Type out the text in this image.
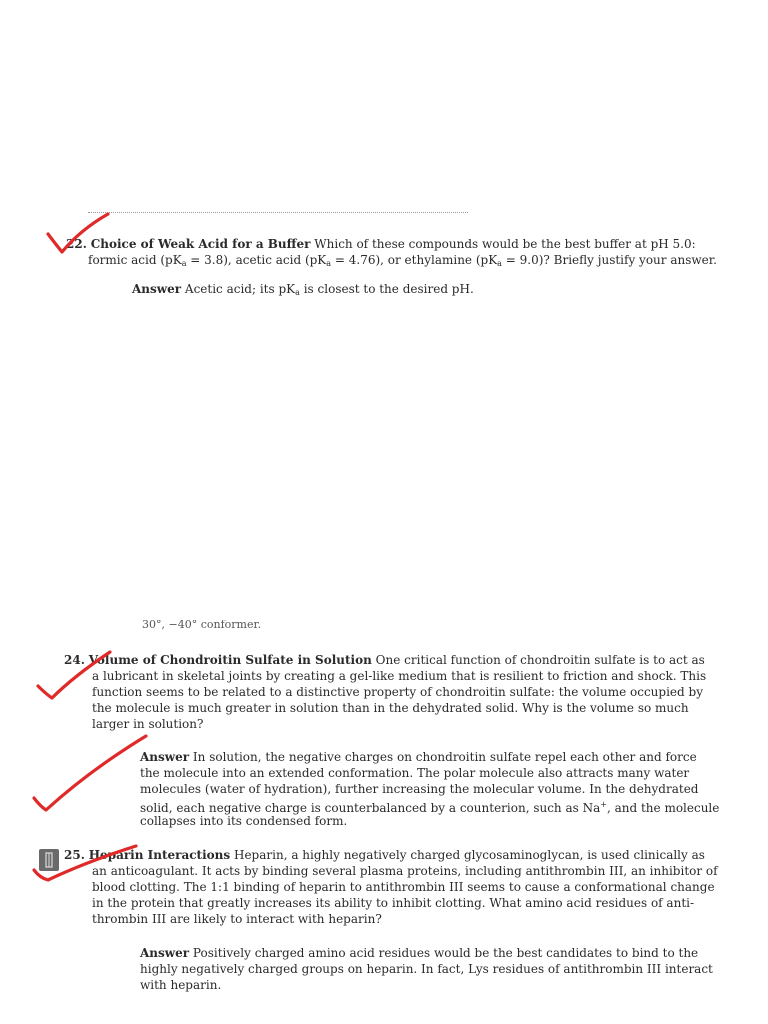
22. Choice of Weak Acid for a Buffer Which of these compounds would be the best buffer at pH 5.0:
formic acid $(pK_a = 3.8)$, acetic acid $(pK_a = 4.76)$, or ethylamine $(pK_a = 9.0)$? Briefly justify your answer.
Answer Acetic acid; its $pK_a$ is closest to the desired pH.
30°, −40° conformer.
24. Volume of Chondroitin Sulfate in Solution One critical function of chondroitin sulfate is to act as
a lubricant in skeletal joints by creating a gel-like medium that is resilient to friction and shock. This
function seems to be related to a distinctive property of chondroitin sulfate: the volume occupied by
the molecule is much greater in solution than in the dehydrated solid. Why is the volume so much
larger in solution?
Answer In solution, the negative charges on chondroitin sulfate repel each other and force
the molecule into an extended conformation. The polar molecule also attracts many water
molecules (water of hydration), further increasing the molecular volume. In the dehydrated
solid, each negative charge is counterbalanced by a counterion, such as Na+, and the molecule
collapses into its condensed form.
25. Heparin Interactions Heparin, a highly negatively charged glycosaminoglycan, is used clinically as
an anticoagulant. It acts by binding several plasma proteins, including antithrombin III, an inhibitor of
blood clotting. The 1:1 binding of heparin to antithrombin III seems to cause a conformational change
in the protein that greatly increases its ability to inhibit clotting. What amino acid residues of anti-
thrombin III are likely to interact with heparin?
Answer Positively charged amino acid residues would be the best candidates to bind to the
highly negatively charged groups on heparin. In fact, Lys residues of antithrombin III interact
with heparin.
